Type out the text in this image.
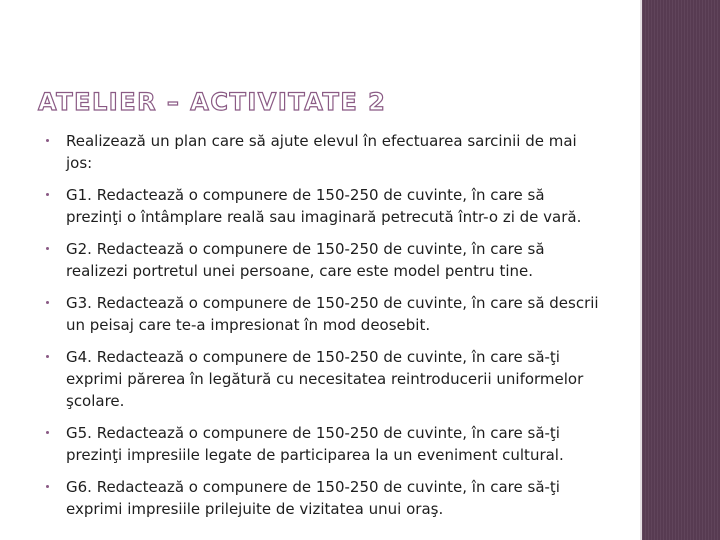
ATELIER – ACTIVITATE 2
Realizează un plan care să ajute elevul în efectuarea sarcinii de mai jos:
G1. Redactează o compunere de 150-250 de cuvinte, în care să prezinţi o întâmplare reală sau imaginară petrecută într-o zi de vară.
G2. Redactează o compunere de 150-250 de cuvinte, în care să realizezi portretul unei persoane, care este model pentru tine.
G3. Redactează o compunere de 150-250 de cuvinte, în care să descrii un peisaj care te-a impresionat în mod deosebit.
G4. Redactează o compunere de 150-250 de cuvinte, în care să-ţi exprimi părerea în legătură cu necesitatea reintroducerii uniformelor şcolare.
G5. Redactează o compunere de 150-250 de cuvinte, în care să-ţi prezinţi impresiile legate de participarea la un eveniment cultural.
G6. Redactează o compunere de 150-250 de cuvinte, în care să-ţi exprimi impresiile prilejuite de vizitatea unui oraş.
